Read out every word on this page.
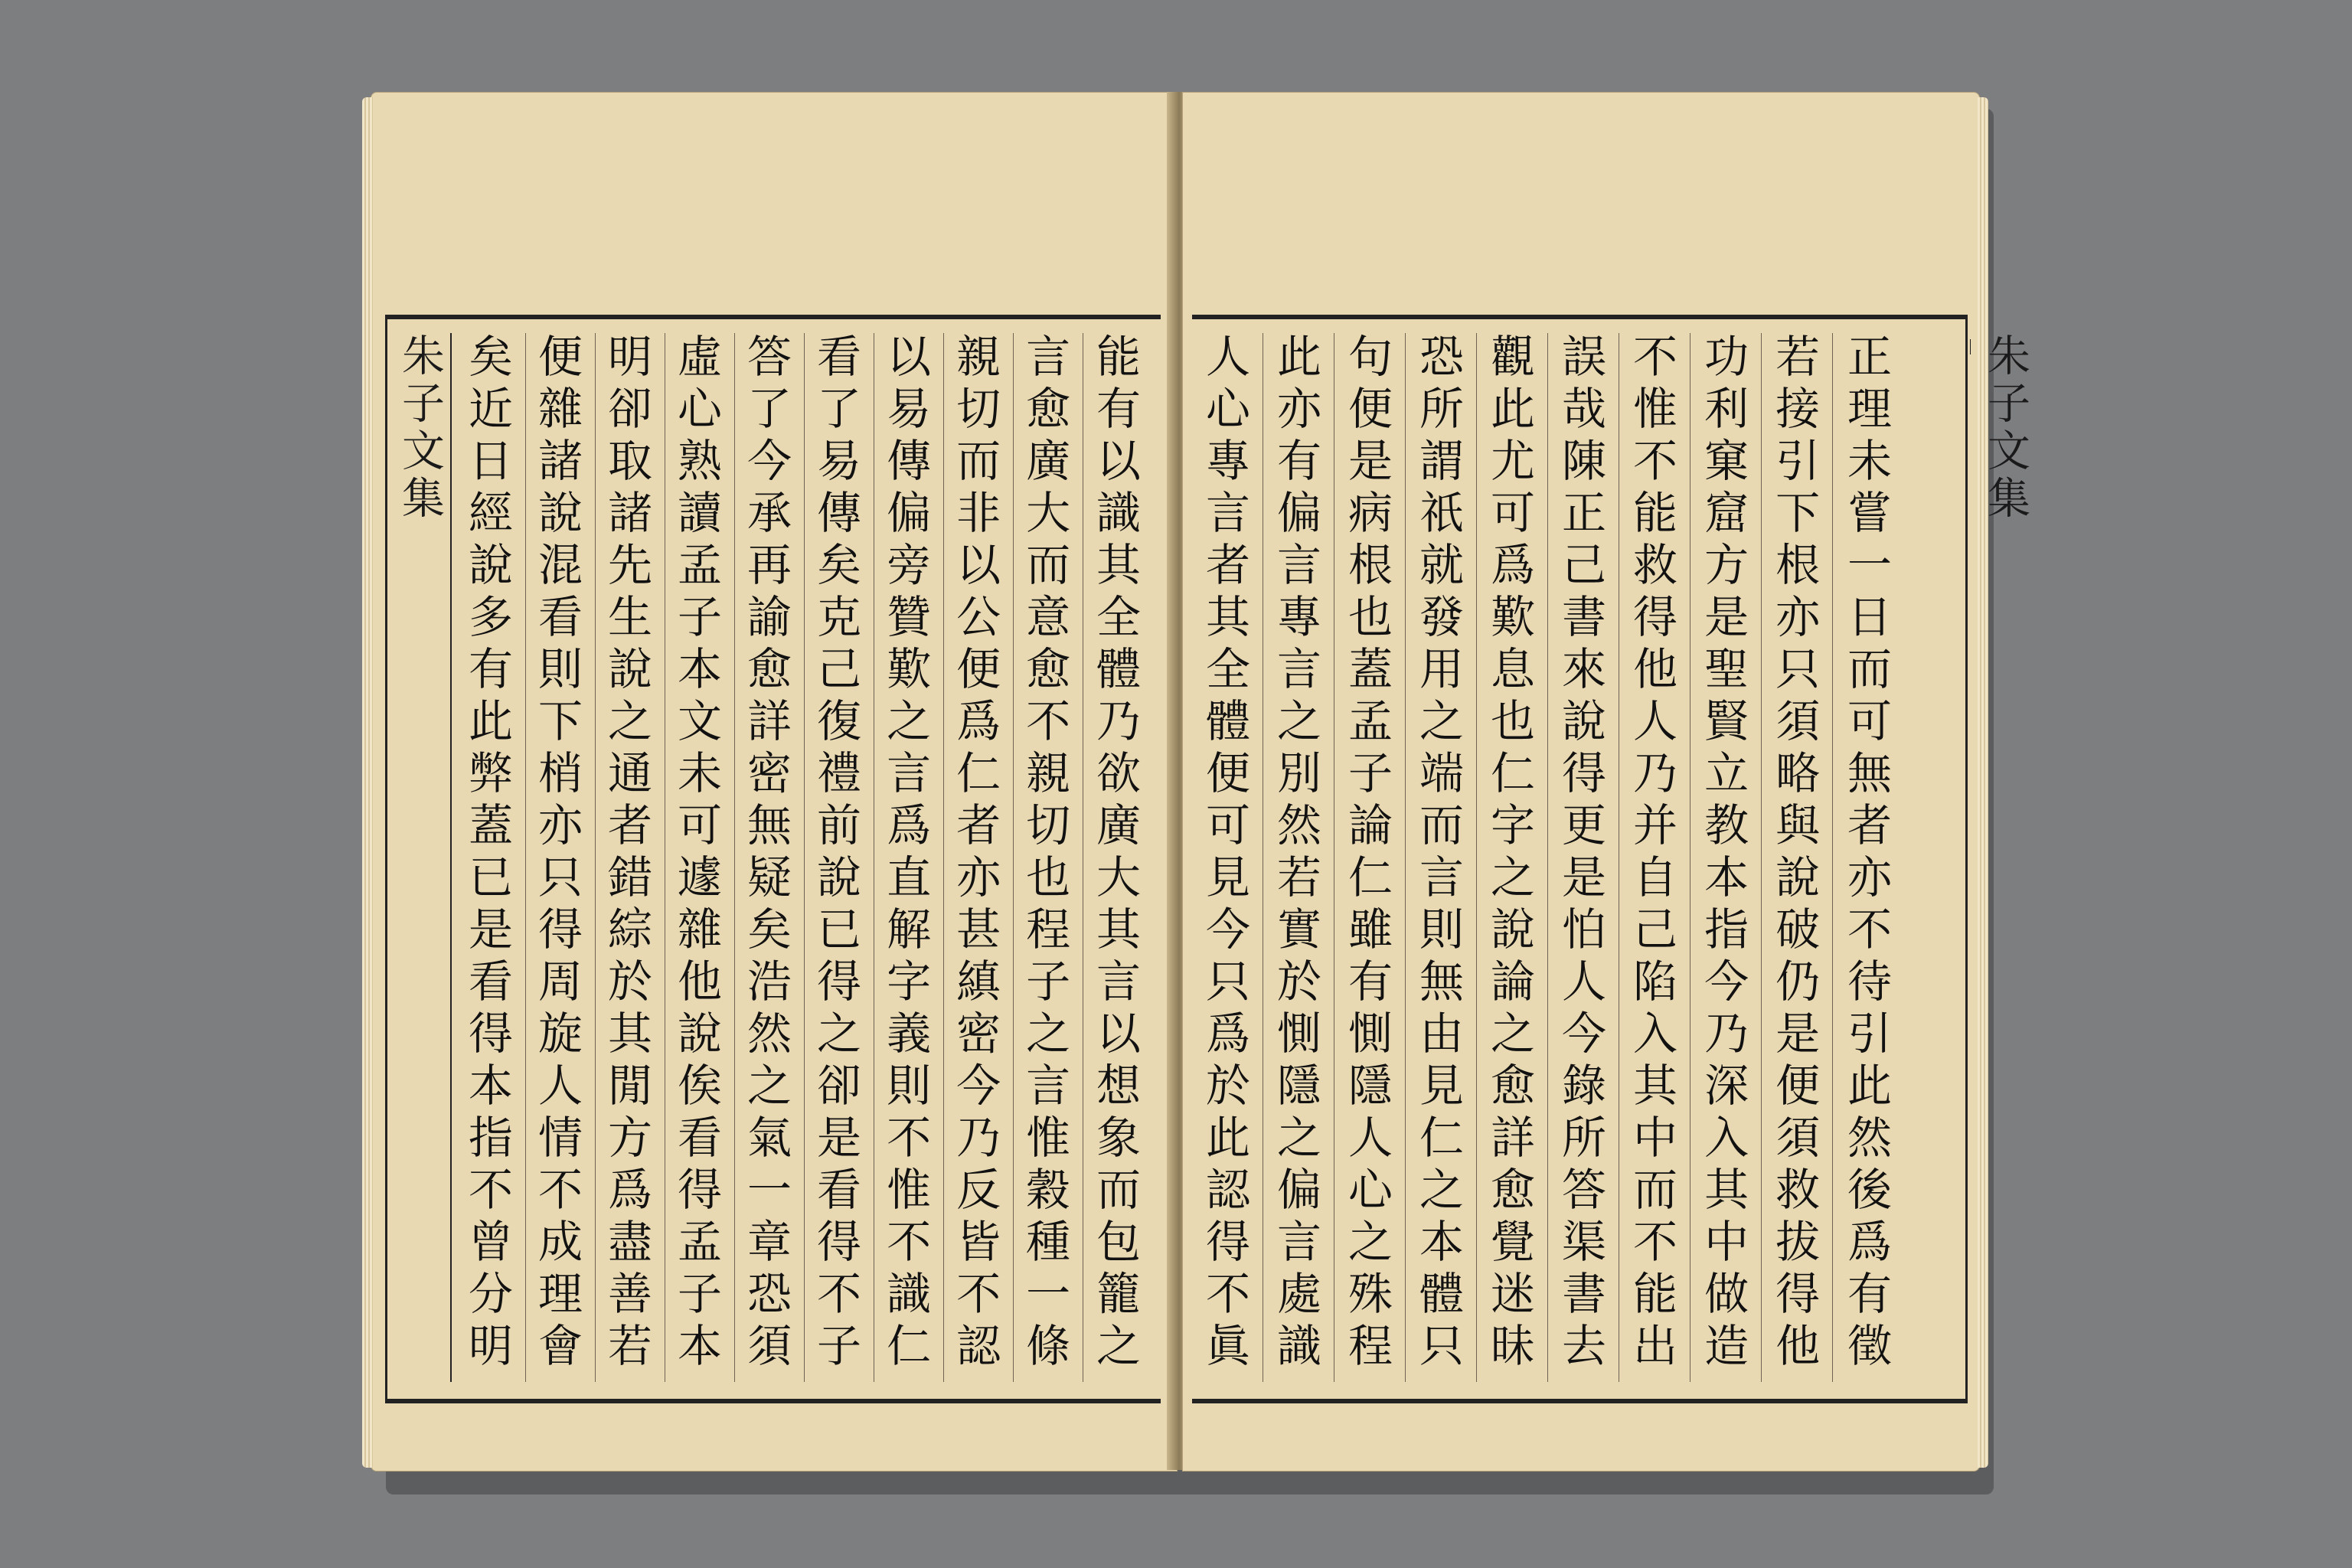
朱子文集	能有以識其全體乃欲廣大其言以想象而包籠之
言愈廣大而意愈不親切也程子之言惟穀種一條
親切而非以公便爲仁者亦甚縝密今乃反皆不認
以易傳偏旁贊歎之言爲直解字義則不惟不識仁
看了易傳矣克己復禮前說已得之卻是看得不子
答了今承再諭愈詳密無疑矣浩然之氣一章恐須
虛心熟讀孟子本文未可遽雜他說俟看得孟子本
明卻取諸先生說之通者錯綜於其閒方爲盡善若
便雜諸說混看則下梢亦只得周旋人情不成理會
矣近日經說多有此弊蓋已是看得本指不曾分明
正理未嘗一日而可無者亦不待引此然後爲有徵
若接引下根亦只須略與說破仍是便須救拔得他
功利窠窟方是聖賢立教本指今乃深入其中做造
不惟不能救得他人乃并自己陷入其中而不能出
誤哉陳正己書來說得更是怕人今錄所答渠書去
觀此尤可爲歎息也仁字之說論之愈詳愈覺迷昧
恐所謂祇就發用之端而言則無由見仁之本體只
句便是病根也蓋孟子論仁雖有惻隱人心之殊程
此亦有偏言專言之別然若實於惻隱之偏言處識
人心專言者其全體便可見今只爲於此認得不眞
朱子文集
